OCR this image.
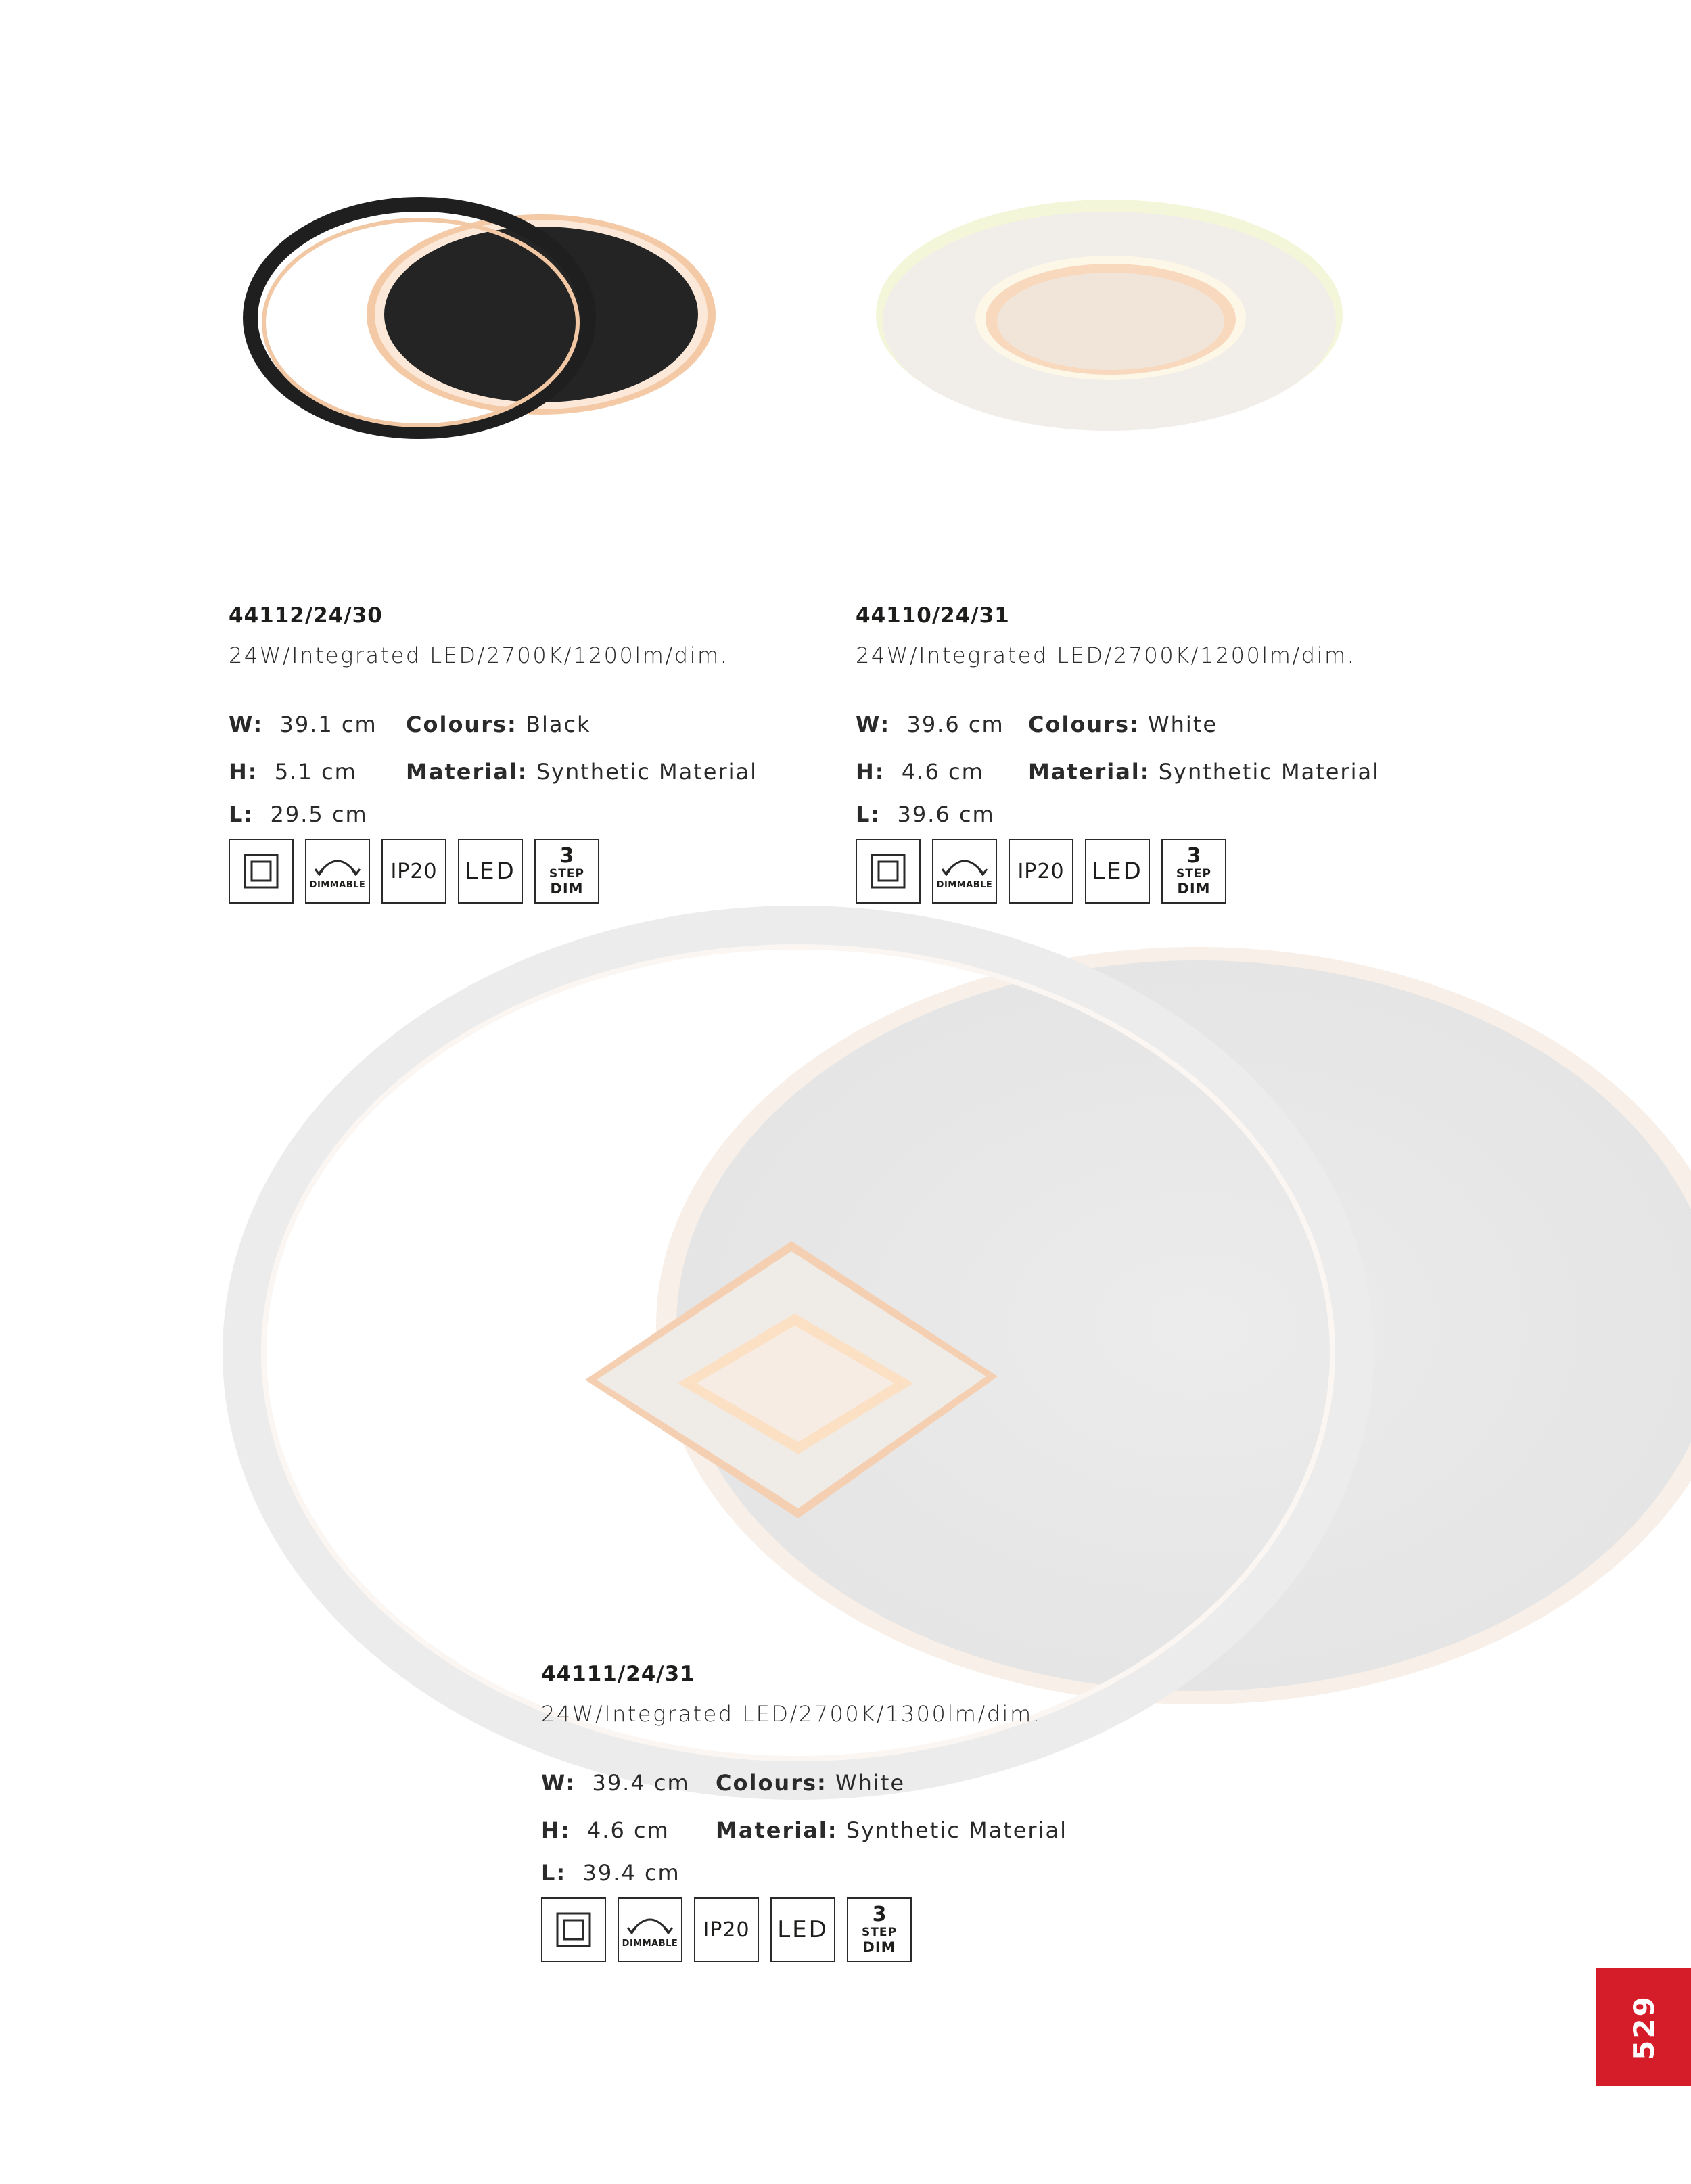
44112/24/30
24W/Integrated LED/2700K/1200lm/dim.
W: 39.1 cm
H: 5.1 cm
L: 29.5 cm
Colours: Black
Material: Synthetic Material
DIMMABLE
IP20 LED
3
STEP
DIM
44110/24/31
24W/Integrated LED/2700K/1200lm/dim.
W: 39.6 cm
H: 4.6 cm
L: 39.6 cm
Colours: White
Material: Synthetic Material
DIMMABLE
IP20 LED
3
STEP
DIM
44111/24/31
24W/Integrated LED/2700K/1300lm/dim.
W: 39.4 cm
H: 4.6 cm
L: 39.4 cm
Colours: White
Material: Synthetic Material
DIMMABLE
IP20 LED
3
STEP
DIM
529
